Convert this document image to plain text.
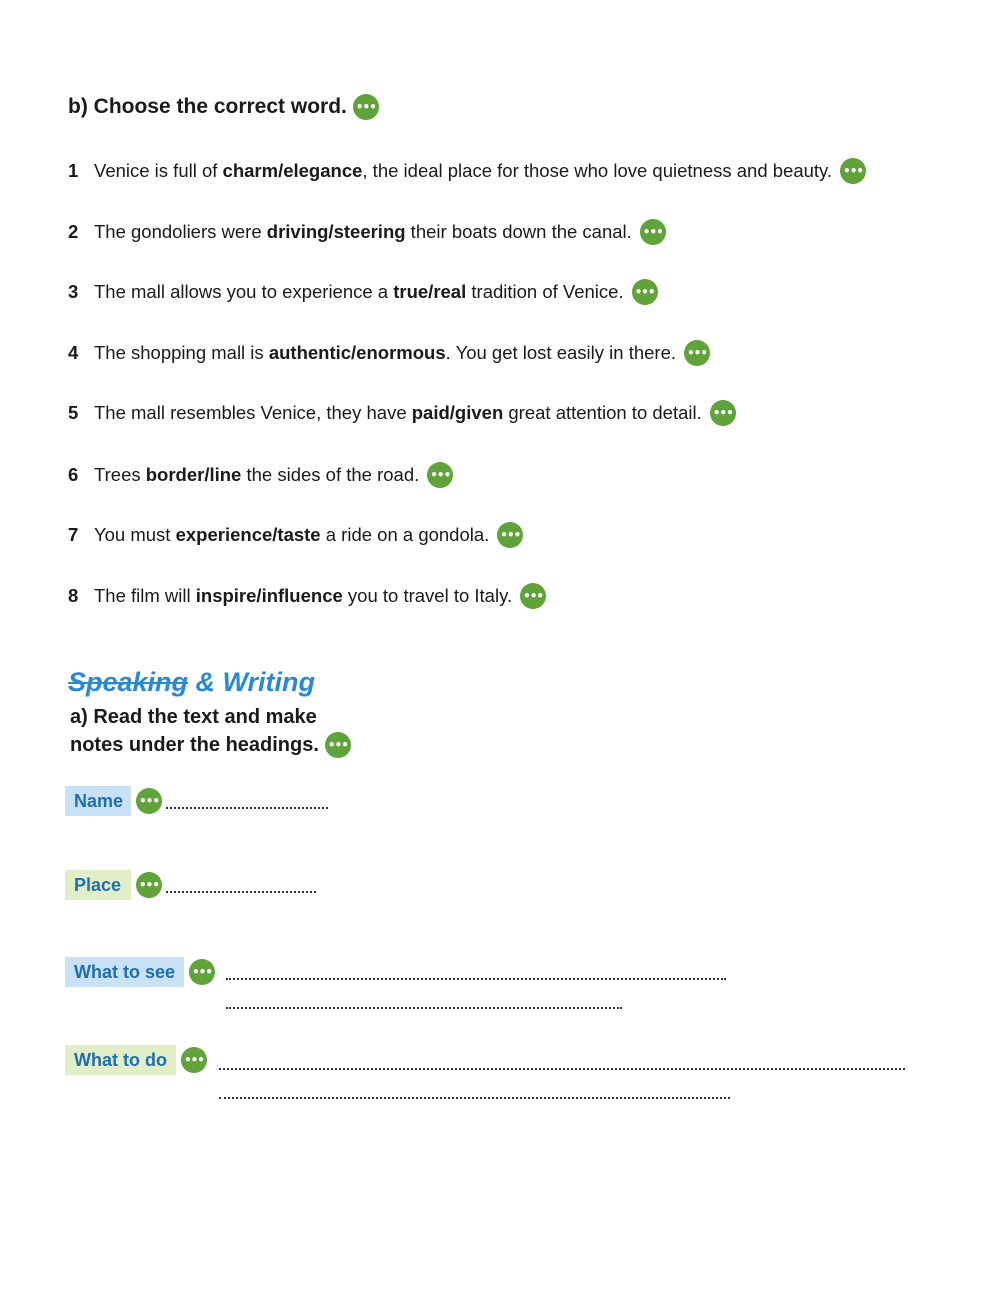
b) Choose the correct word.
•••
1 Venice is full of charm/elegance , the ideal place for those who love quietness and beauty.
•••
2 The gondoliers were driving/steering their boats down the canal.
•••
3 The mall allows you to experience a true/real tradition of Venice.
•••
4 The shopping mall is authentic/enormous . You get lost easily in there.
•••
5 The mall resembles Venice, they have paid/given great attention to detail.
•••
6 Trees border/line the sides of the road.
•••
7 You must experience/taste a ride on a gondola.
•••
8 The film will inspire/influence you to travel to Italy.
•••
Speaking & Writing
a) Read the text and make
notes under the headings.
•••
Name
•••
Place
•••
What to see
•••
What to do
•••
